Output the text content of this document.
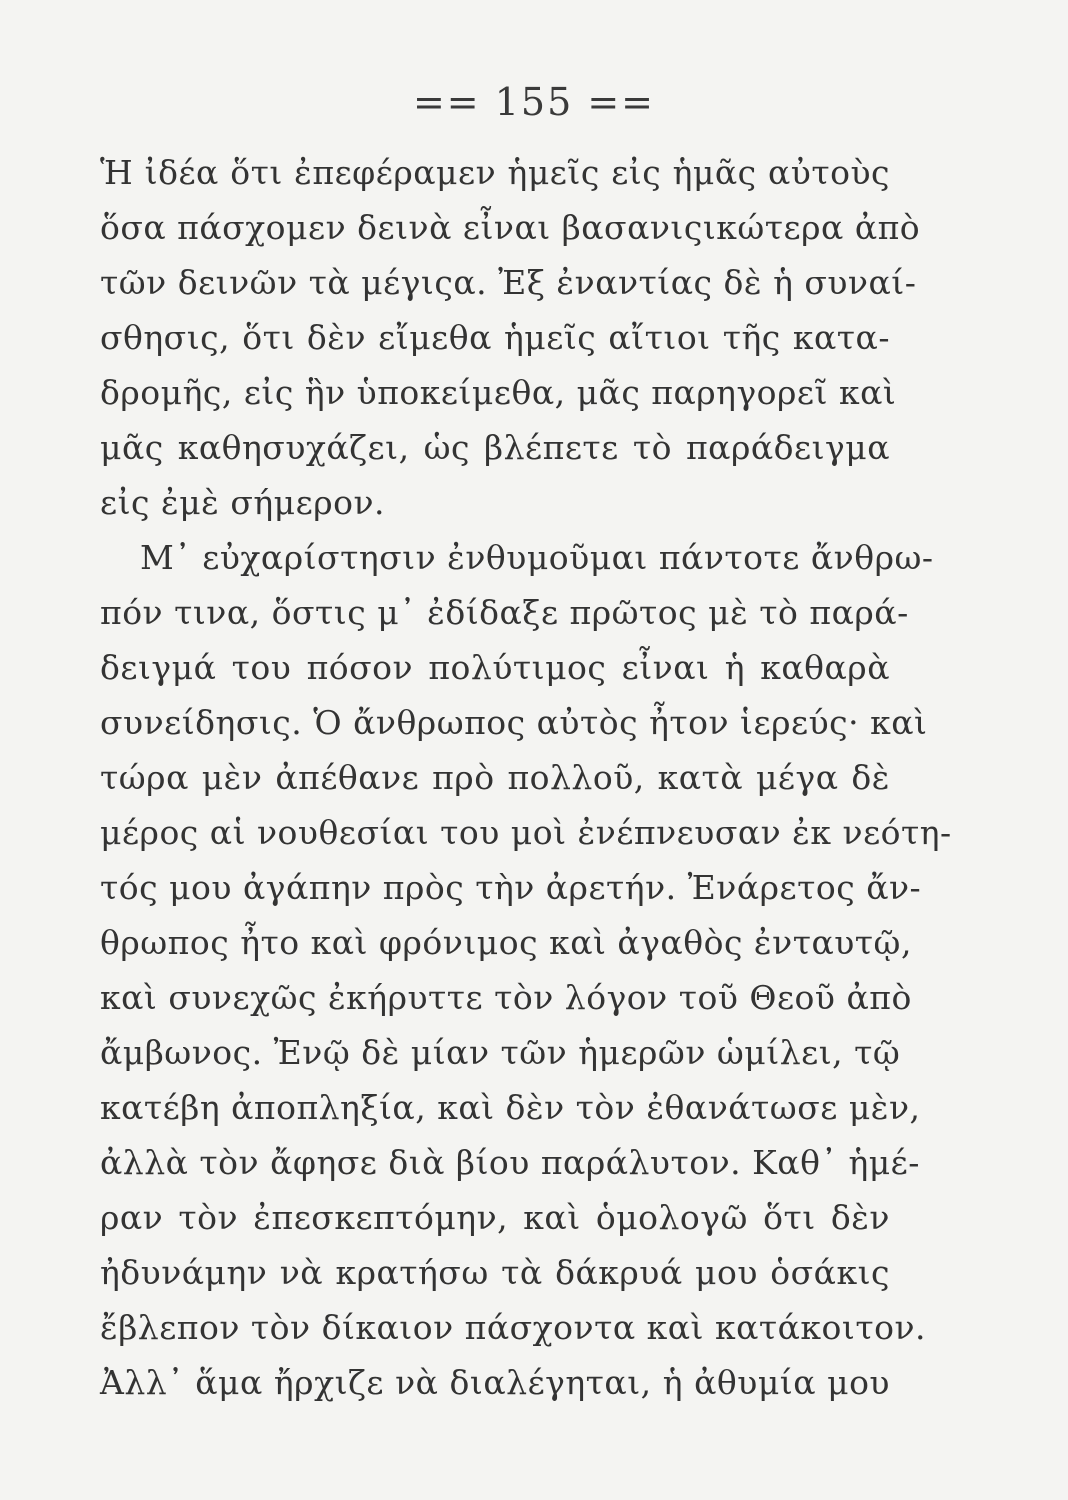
== 155 ==
Ἡ ἰδέα ὅτι ἐπεφέραμεν ἡμεῖς εἰς ἡμᾶς αὐτοὺς
ὅσα πάσχομεν δεινὰ εἶναι βασανιςικώτερα ἀπὸ
τῶν δεινῶν τὰ μέγιςα. Ἐξ ἐναντίας δὲ ἡ συναί-
σθησις, ὅτι δὲν εἴμεθα ἡμεῖς αἴτιοι τῆς κατα-
δρομῆς, εἰς ἣν ὑποκείμεθα, μᾶς παρηγορεῖ καὶ
μᾶς καθησυχάζει, ὡς βλέπετε τὸ παράδειγμα
εἰς ἐμὲ σήμερον.
Μ᾽ εὐχαρίστησιν ἐνθυμοῦμαι πάντοτε ἄνθρω-
πόν τινα, ὅστις μ᾽ ἐδίδαξε πρῶτος μὲ τὸ παρά-
δειγμά του πόσον πολύτιμος εἶναι ἡ καθαρὰ
συνείδησις. Ὁ ἄνθρωπος αὐτὸς ἦτον ἱερεύς· καὶ
τώρα μὲν ἀπέθανε πρὸ πολλοῦ, κατὰ μέγα δὲ
μέρος αἱ νουθεσίαι του μοὶ ἐνέπνευσαν ἐκ νεότη-
τός μου ἀγάπην πρὸς τὴν ἀρετήν. Ἐνάρετος ἄν-
θρωπος ἦτο καὶ φρόνιμος καὶ ἀγαθὸς ἐνταυτῷ,
καὶ συνεχῶς ἐκήρυττε τὸν λόγον τοῦ Θεοῦ ἀπὸ
ἄμβωνος. Ἐνῷ δὲ μίαν τῶν ἡμερῶν ὡμίλει, τῷ
κατέβη ἀποπληξία, καὶ δὲν τὸν ἐθανάτωσε μὲν,
ἀλλὰ τὸν ἄφησε διὰ βίου παράλυτον. Καθ᾽ ἡμέ-
ραν τὸν ἐπεσκεπτόμην, καὶ ὁμολογῶ ὅτι δὲν
ἠδυνάμην νὰ κρατήσω τὰ δάκρυά μου ὁσάκις
ἔβλεπον τὸν δίκαιον πάσχοντα καὶ κατάκοιτον.
Ἀλλ᾽ ἅμα ἤρχιζε νὰ διαλέγηται, ἡ ἀθυμία μου
